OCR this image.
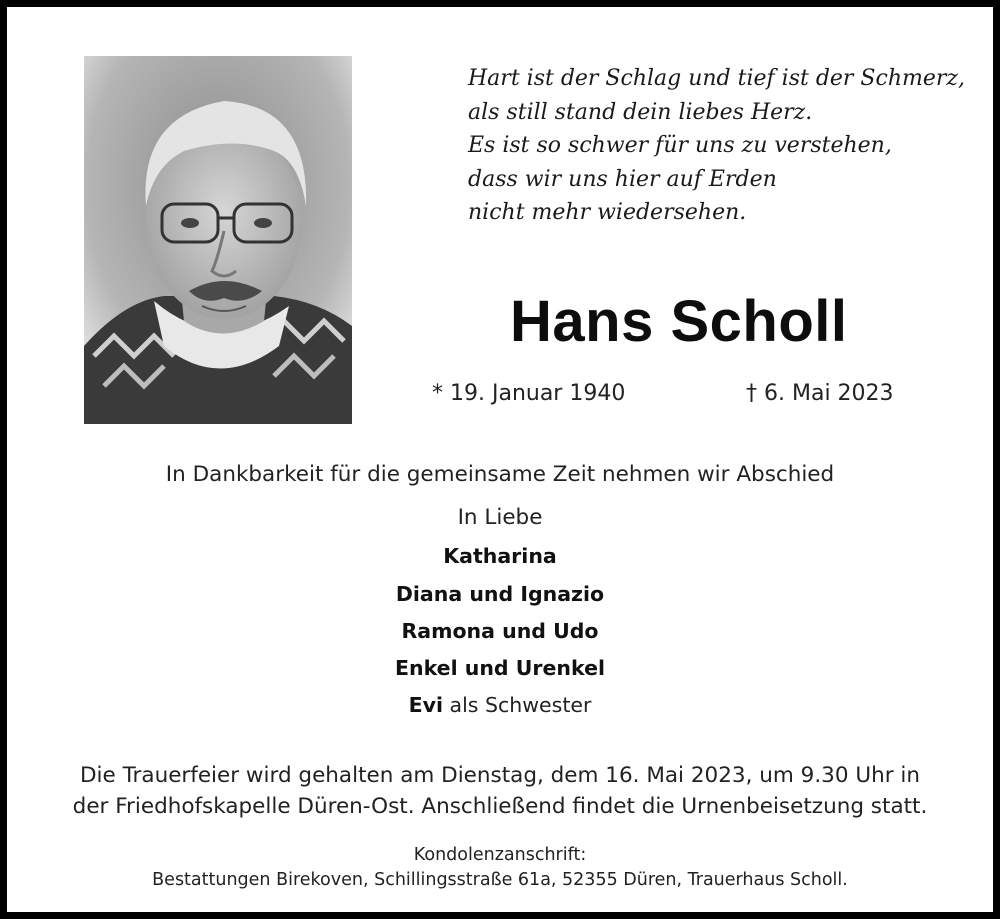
Hart ist der Schlag und tief ist der Schmerz,
als still stand dein liebes Herz.
Es ist so schwer für uns zu verstehen,
dass wir uns hier auf Erden
nicht mehr wiedersehen.
Hans Scholl
* 19. Januar 1940	† 6. Mai 2023
In Dankbarkeit für die gemeinsame Zeit nehmen wir Abschied
In Liebe
Katharina
Diana und Ignazio
Ramona und Udo
Enkel und Urenkel
Evi als Schwester
Die Trauerfeier wird gehalten am Dienstag, dem 16. Mai 2023, um 9.30 Uhr in
der Friedhofskapelle Düren-Ost. Anschließend findet die Urnenbeisetzung statt.
Kondolenzanschrift:
Bestattungen Birekoven, Schillingsstraße 61a, 52355 Düren, Trauerhaus Scholl.
